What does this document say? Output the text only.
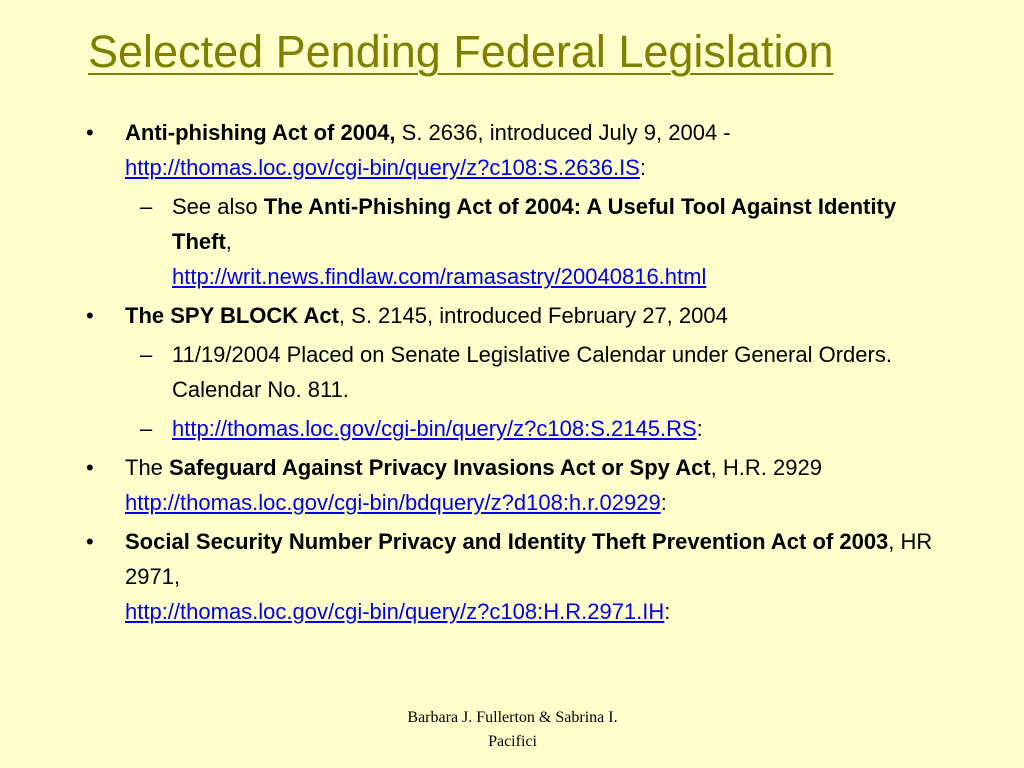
Selected Pending Federal Legislation
• Anti-phishing Act of 2004, S. 2636, introduced July 9, 2004 -
http://thomas.loc.gov/cgi-bin/query/z?c108:S.2636.IS:
– See also The Anti-Phishing Act of 2004: A Useful Tool Against Identity Theft,
http://writ.news.findlaw.com/ramasastry/20040816.html
• The SPY BLOCK Act, S. 2145, introduced February 27, 2004
– 11/19/2004 Placed on Senate Legislative Calendar under General Orders. Calendar No. 811.
– http://thomas.loc.gov/cgi-bin/query/z?c108:S.2145.RS:
• The Safeguard Against Privacy Invasions Act or Spy Act, H.R. 2929
http://thomas.loc.gov/cgi-bin/bdquery/z?d108:h.r.02929:
• Social Security Number Privacy and Identity Theft Prevention Act of 2003, HR 2971,
http://thomas.loc.gov/cgi-bin/query/z?c108:H.R.2971.IH:
Barbara J. Fullerton & Sabrina I.
Pacifici
